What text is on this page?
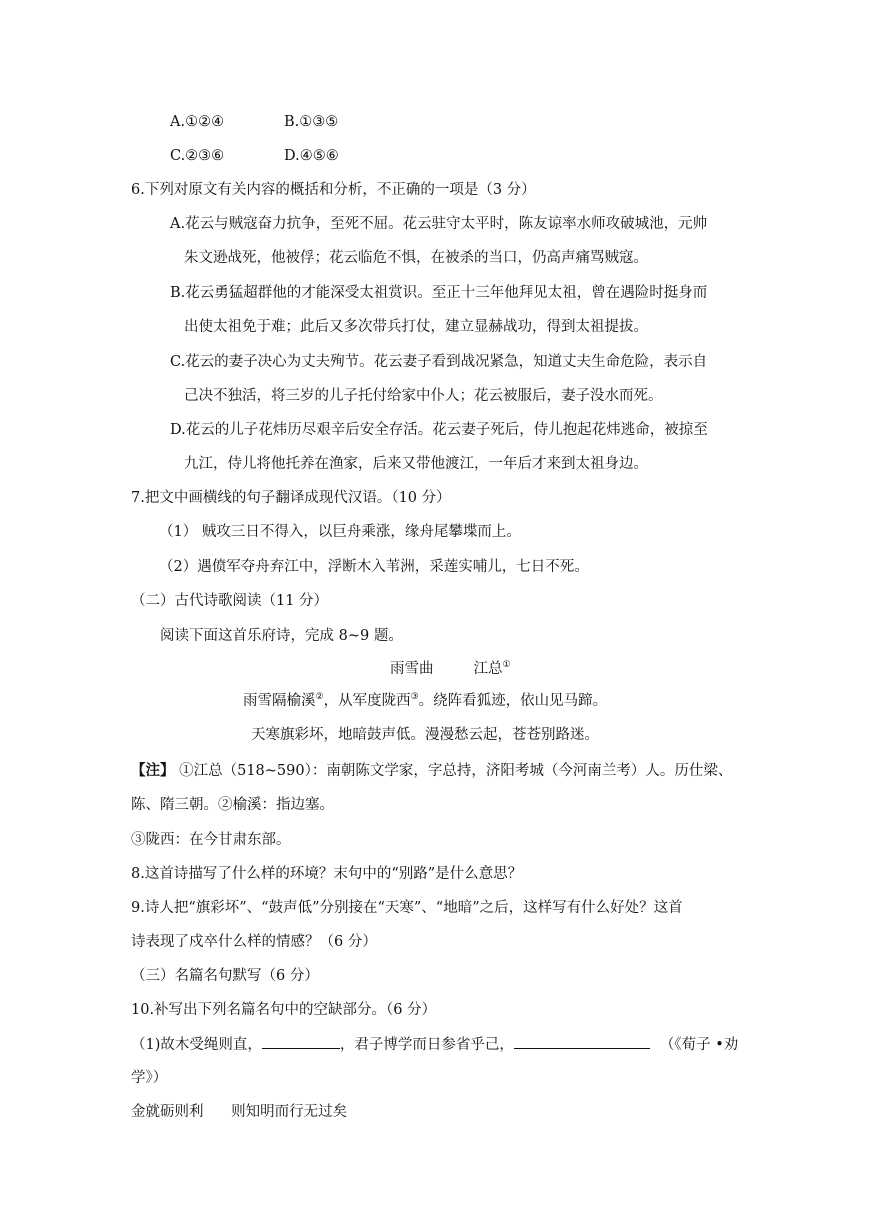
A.①②④	B.①③⑤
C.②③⑥	D.④⑤⑥
6.下列对原文有关内容的概括和分析，不正确的一项是（3 分）
A.花云与贼寇奋力抗争，至死不屈。花云驻守太平时，陈友谅率水师攻破城池，元帅
朱文逊战死，他被俘；花云临危不惧，在被杀的当口，仍高声痛骂贼寇。
B.花云勇猛超群他的才能深受太祖赏识。至正十三年他拜见太祖，曾在遇险时挺身而
出使太祖免于难；此后又多次带兵打仗，建立显赫战功，得到太祖提拔。
C.花云的妻子决心为丈夫殉节。花云妻子看到战况紧急，知道丈夫生命危险，表示自
己决不独活，将三岁的儿子托付给家中仆人；花云被服后，妻子没水而死。
D.花云的儿子花炜历尽艰辛后安全存活。花云妻子死后，侍儿抱起花炜逃命，被掠至
九江，侍儿将他托养在渔家，后来又带他渡江，一年后才来到太祖身边。
7.把文中画横线的句子翻译成现代汉语。（10 分）
（1） 贼攻三日不得入，以巨舟乘涨，缘舟尾攀堞而上。
（2）遇偾军夺舟弃江中，浮断木入苇洲，采莲实哺儿，七日不死。
（二）古代诗歌阅读（11 分）
阅读下面这首乐府诗，完成 8~9 题。
雨雪曲	江总①
雨雪隔榆溪②，从军度陇西③。绕阵看狐迹，依山见马蹄。
天寒旗彩坏，地暗鼓声低。漫漫愁云起，苍苍别路迷。
【注】 ①江总（518~590）：南朝陈文学家，字总持，济阳考城（今河南兰考）人。历仕梁、
陈、隋三朝。②榆溪：指边塞。
③陇西：在今甘肃东部。
8.这首诗描写了什么样的环境？末句中的“别路”是什么意思？
9.诗人把“旗彩坏”、“鼓声低”分别接在“天寒”、“地暗”之后，这样写有什么好处？这首
诗表现了戍卒什么样的情感？（6 分）
（三）名篇名句默写（6 分）
10.补写出下列名篇名句中的空缺部分。（6 分）
（1)故木受绳则直，	，君子博学而日参省乎己，	（《荀子 •劝
学》）
金就砺则利      则知明而行无过矣
